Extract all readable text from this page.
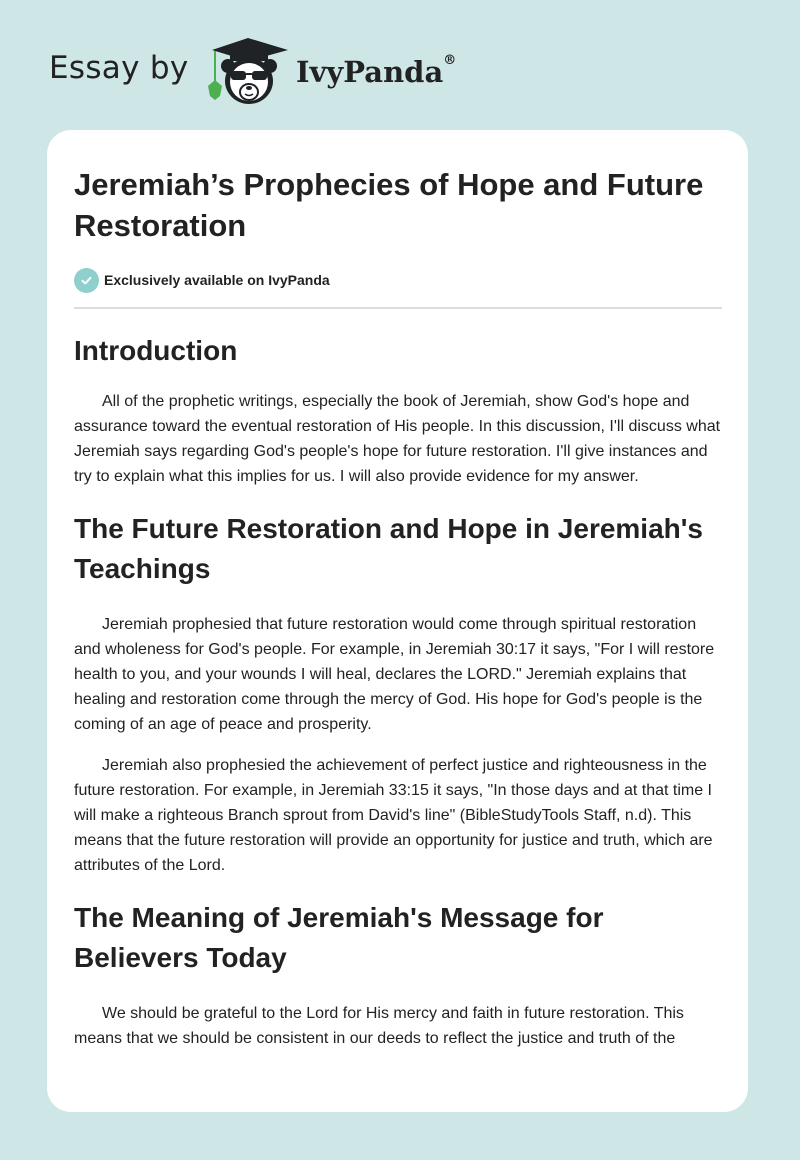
Essay by	IvyPanda®
Jeremiah’s Prophecies of Hope and Future Restoration
Exclusively available on IvyPanda
Introduction

All of the prophetic writings, especially the book of Jeremiah, show God's hope and assurance toward the eventual restoration of His people. In this discussion, I'll discuss what Jeremiah says regarding God's people's hope for future restoration. I'll give instances and try to explain what this implies for us. I will also provide evidence for my answer.

The Future Restoration and Hope in Jeremiah's Teachings

Jeremiah prophesied that future restoration would come through spiritual restoration and wholeness for God's people. For example, in Jeremiah 30:17 it says, "For I will restore health to you, and your wounds I will heal, declares the LORD." Jeremiah explains that healing and restoration come through the mercy of God. His hope for God's people is the coming of an age of peace and prosperity.

Jeremiah also prophesied the achievement of perfect justice and righteousness in the future restoration. For example, in Jeremiah 33:15 it says, "In those days and at that time I will make a righteous Branch sprout from David's line" (BibleStudyTools Staff, n.d). This means that the future restoration will provide an opportunity for justice and truth, which are attributes of the Lord.

The Meaning of Jeremiah's Message for Believers Today

We should be grateful to the Lord for His mercy and faith in future restoration. This means that we should be consistent in our deeds to reflect the justice and truth of the
